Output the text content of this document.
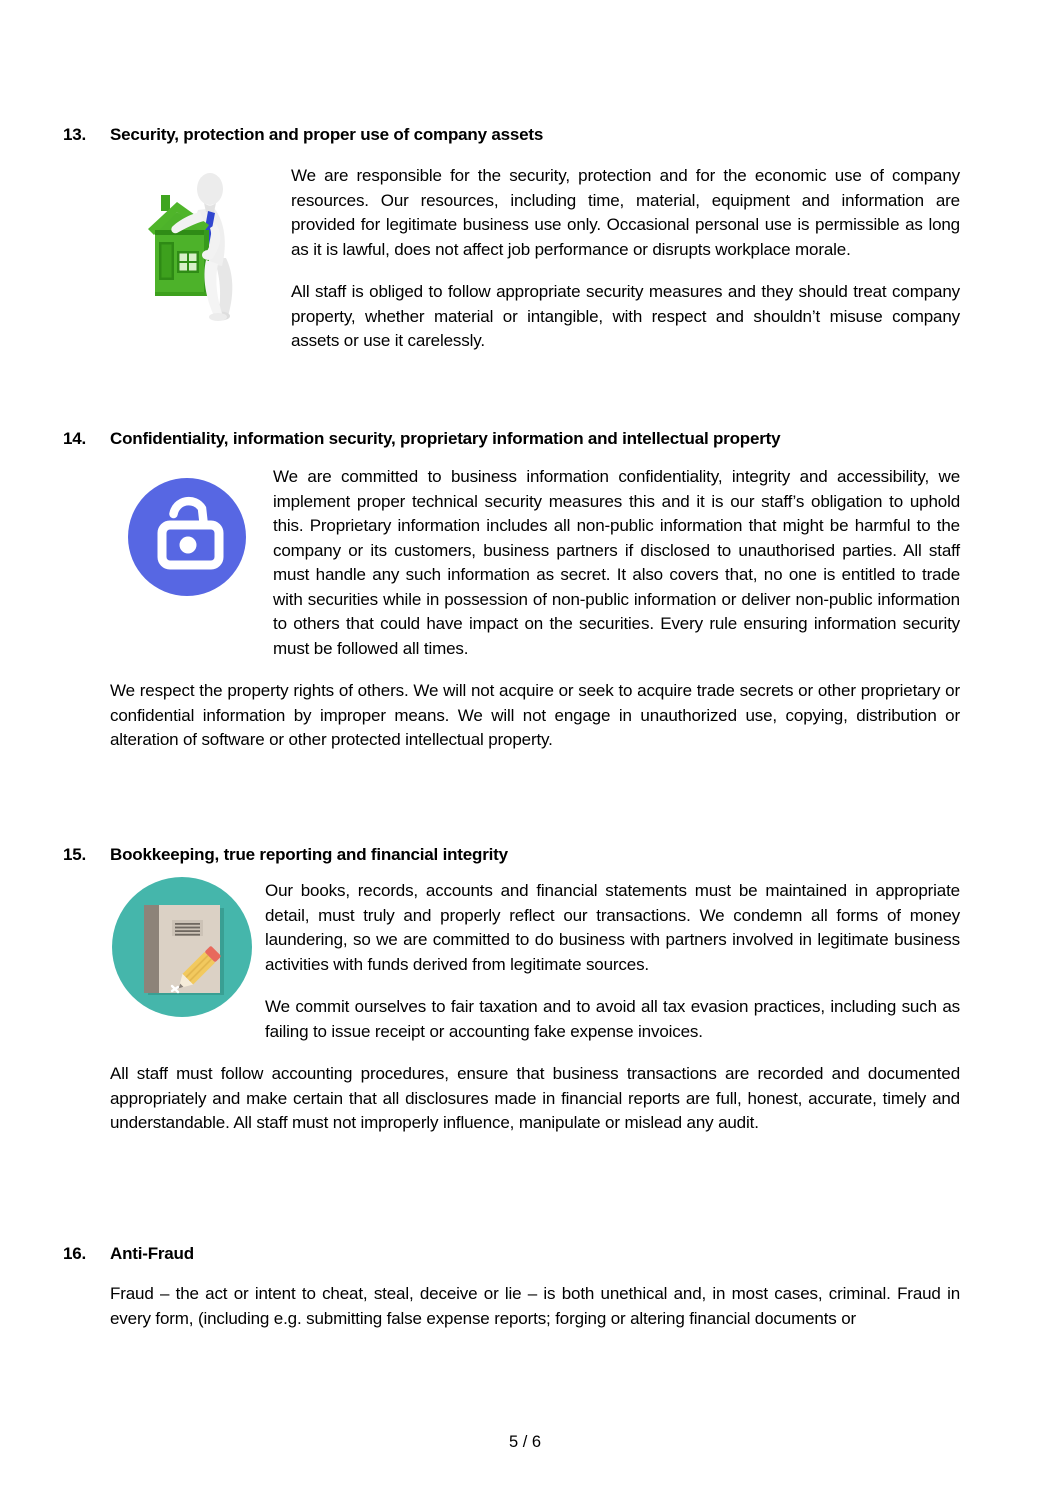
13.	Security, protection and proper use of company assets

We are responsible for the security, protection and for the economic use of company resources. Our resources, including time, material, equipment and information are provided for legitimate business use only. Occasional personal use is permissible as long as it is lawful, does not affect job performance or disrupts workplace morale.

All staff is obliged to follow appropriate security measures and they should treat company property, whether material or intangible, with respect and shouldn’t misuse company assets or use it carelessly.

14.	Confidentiality, information security, proprietary information and intellectual property

We are committed to business information confidentiality, integrity and accessibility, we implement proper technical security measures this and it is our staff’s obligation to uphold this. Proprietary information includes all non-public information that might be harmful to the company or its customers, business partners if disclosed to unauthorised parties. All staff must handle any such information as secret. It also covers that, no one is entitled to trade with securities while in possession of non-public information or deliver non-public information to others that could have impact on the securities. Every rule ensuring information security must be followed all times.

We respect the property rights of others. We will not acquire or seek to acquire trade secrets or other proprietary or confidential information by improper means. We will not engage in unauthorized use, copying, distribution or alteration of software or other protected intellectual property.

15.	Bookkeeping, true reporting and financial integrity

Our books, records, accounts and financial statements must be maintained in appropriate detail, must truly and properly reflect our transactions. We condemn all forms of money laundering, so we are committed to do business with partners involved in legitimate business activities with funds derived from legitimate sources.

We commit ourselves to fair taxation and to avoid all tax evasion practices, including such as failing to issue receipt or accounting fake expense invoices.

All staff must follow accounting procedures, ensure that business transactions are recorded and documented appropriately and make certain that all disclosures made in financial reports are full, honest, accurate, timely and understandable. All staff must not improperly influence, manipulate or mislead any audit.

16.	Anti-Fraud

Fraud – the act or intent to cheat, steal, deceive or lie – is both unethical and, in most cases, criminal. Fraud in every form, (including e.g. submitting false expense reports; forging or altering financial documents or

5 / 6
